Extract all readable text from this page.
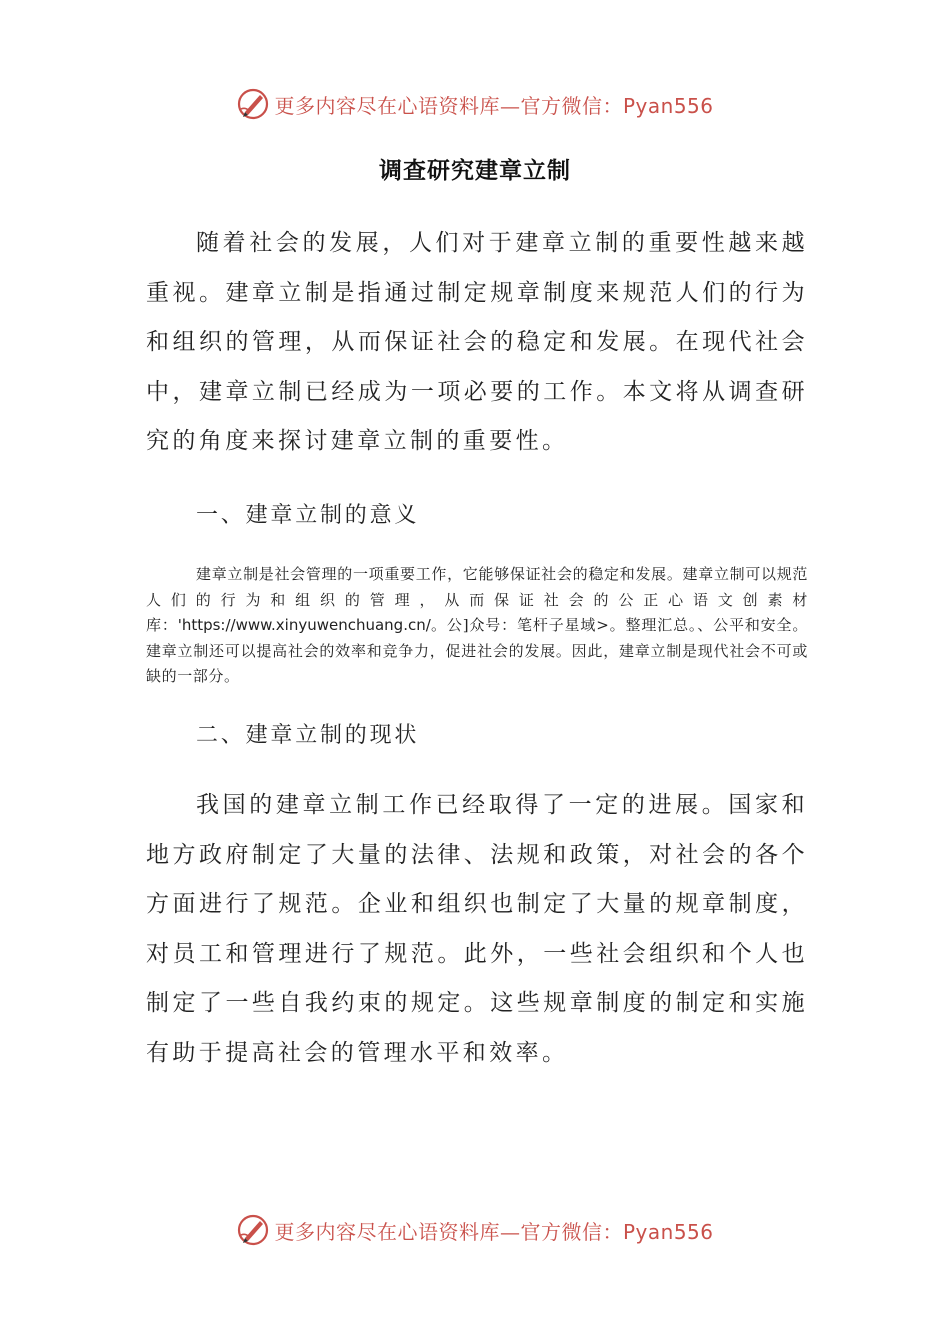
更多内容尽在心语资料库—官方微信：Pyan556
调查研究建章立制

随着社会的发展，人们对于建章立制的重要性越来越重视。建章立制是指通过制定规章制度来规范人们的行为和组织的管理，从而保证社会的稳定和发展。在现代社会中，建章立制已经成为一项必要的工作。本文将从调查研究的角度来探讨建章立制的重要性。

一、建章立制的意义

建章立制是社会管理的一项重要工作，它能够保证社会的稳定和发展。建章立制可以规范人们的行为和组织的管理，从而保证社会的公正心语文创素材库：'https://www.xinyuwenchuang.cn/。公]众号：笔杆子星域>。整理汇总。、公平和安全。建章立制还可以提高社会的效率和竞争力，促进社会的发展。因此，建章立制是现代社会不可或缺的一部分。

二、建章立制的现状

我国的建章立制工作已经取得了一定的进展。国家和地方政府制定了大量的法律、法规和政策，对社会的各个方面进行了规范。企业和组织也制定了大量的规章制度，对员工和管理进行了规范。此外，一些社会组织和个人也制定了一些自我约束的规定。这些规章制度的制定和实施有助于提高社会的管理水平和效率。

更多内容尽在心语资料库—官方微信：Pyan556
